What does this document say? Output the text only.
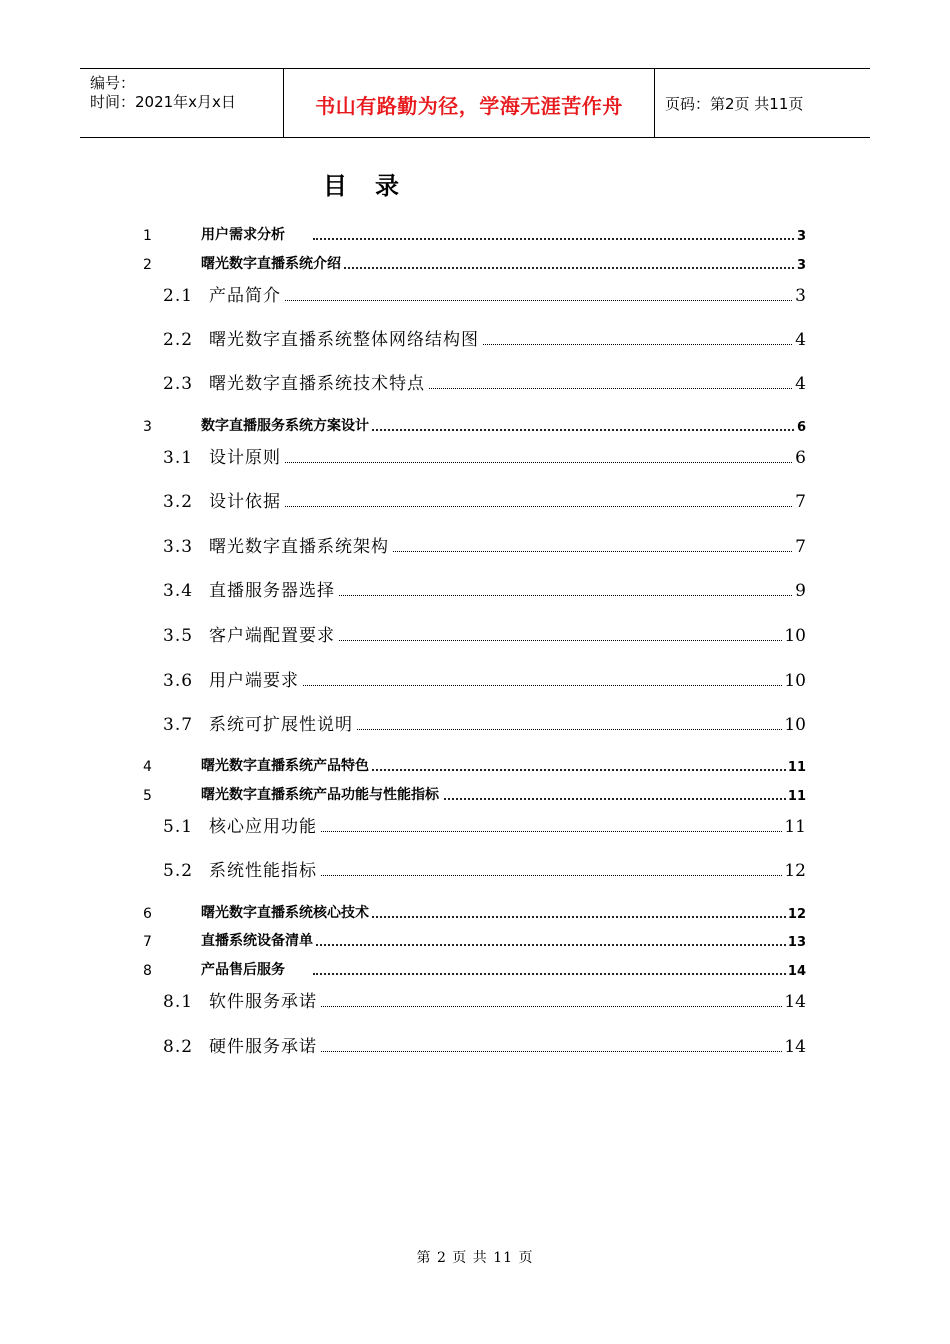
编号：
时间：2021年x月x日	书山有路勤为径，学海无涯苦作舟	页码：第2页 共11页
目录
1	用户需求分析	3
2	曙光数字直播系统介绍	3
2.1 产品简介	3
2.2 曙光数字直播系统整体网络结构图	4
2.3 曙光数字直播系统技术特点	4
3	数字直播服务系统方案设计	6
3.1 设计原则	6
3.2 设计依据	7
3.3 曙光数字直播系统架构	7
3.4 直播服务器选择	9
3.5 客户端配置要求	10
3.6 用户端要求	10
3.7 系统可扩展性说明	10
4	曙光数字直播系统产品特色	11
5	曙光数字直播系统产品功能与性能指标	11
5.1 核心应用功能	11
5.2 系统性能指标	12
6	曙光数字直播系统核心技术	12
7	直播系统设备清单	13
8	产品售后服务	14
8.1 软件服务承诺	14
8.2 硬件服务承诺	14
第 2 页 共 11 页
